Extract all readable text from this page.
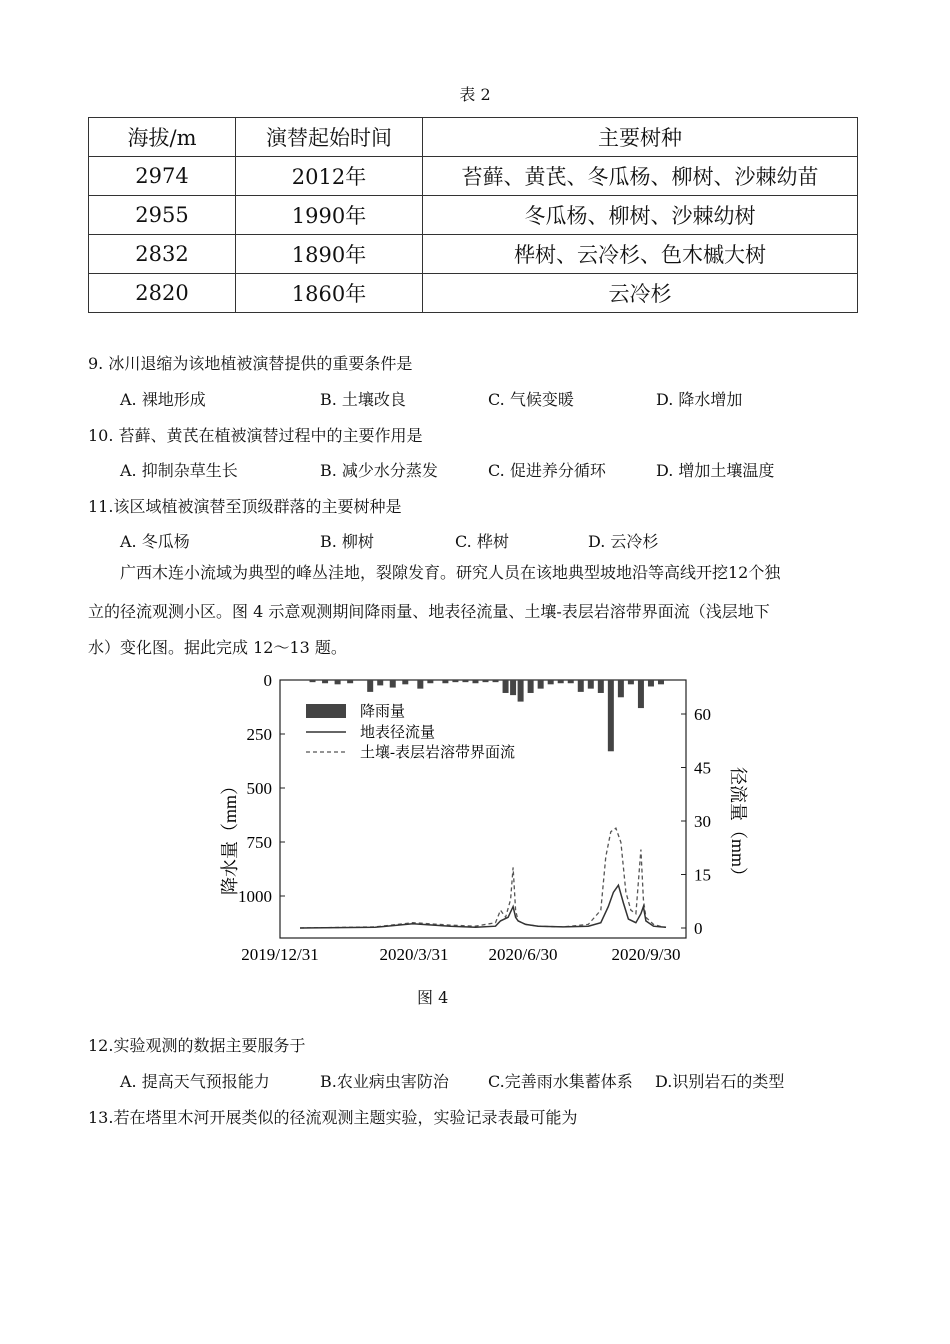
表 2
海拔/m	演替起始时间	主要树种
2974	2012年	苔藓、黄芪、冬瓜杨、柳树、沙棘幼苗
2955	1990年	冬瓜杨、柳树、沙棘幼树
2832	1890年	桦树、云冷杉、色木槭大树
2820	1860年	云冷杉
9. 冰川退缩为该地植被演替提供的重要条件是
A. 裸地形成	B. 土壤改良	C. 气候变暖	D. 降水增加
10. 苔藓、黄芪在植被演替过程中的主要作用是
A. 抑制杂草生长	B. 减少水分蒸发	C. 促进养分循环	D. 增加土壤温度
11.该区域植被演替至顶级群落的主要树种是
A. 冬瓜杨	B. 柳树	C. 桦树	D. 云冷杉
广西木连小流域为典型的峰丛洼地，裂隙发育。研究人员在该地典型坡地沿等高线开挖12个独
立的径流观测小区。图 4 示意观测期间降雨量、地表径流量、土壤-表层岩溶带界面流（浅层地下
水）变化图。据此完成 12～13 题。
0
250
500
750
1000
0
15
30
45
60
降雨量
地表径流量
土壤-表层岩溶带界面流
降水量（mm）	径流量（mm）
2019/12/31	2020/3/31 2020/6/30	2020/9/30
图 4
12.实验观测的数据主要服务于
A. 提高天气预报能力	B.农业病虫害防治 C.完善雨水集蓄体系 D.识别岩石的类型
13.若在塔里木河开展类似的径流观测主题实验，实验记录表最可能为
